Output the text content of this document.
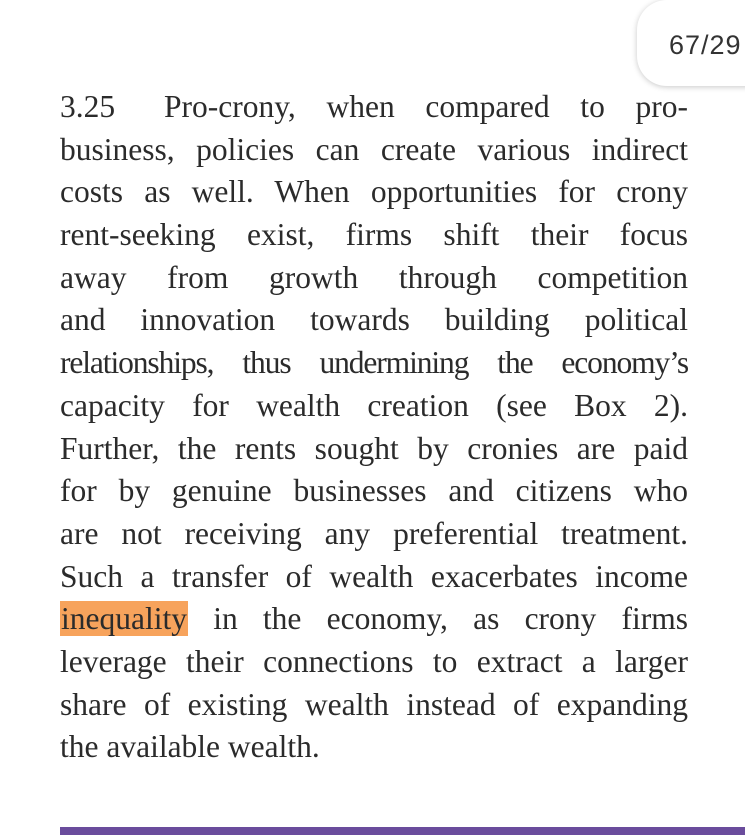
67/29
3.25 Pro-crony, when compared to pro-
business, policies can create various indirect
costs as well. When opportunities for crony
rent-seeking exist, firms shift their focus
away from growth through competition
and innovation towards building political
relationships, thus undermining the economy’s
capacity for wealth creation (see Box 2).
Further, the rents sought by cronies are paid
for by genuine businesses and citizens who
are not receiving any preferential treatment.
Such a transfer of wealth exacerbates income
inequality in the economy, as crony firms
leverage their connections to extract a larger
share of existing wealth instead of expanding
the available wealth.
